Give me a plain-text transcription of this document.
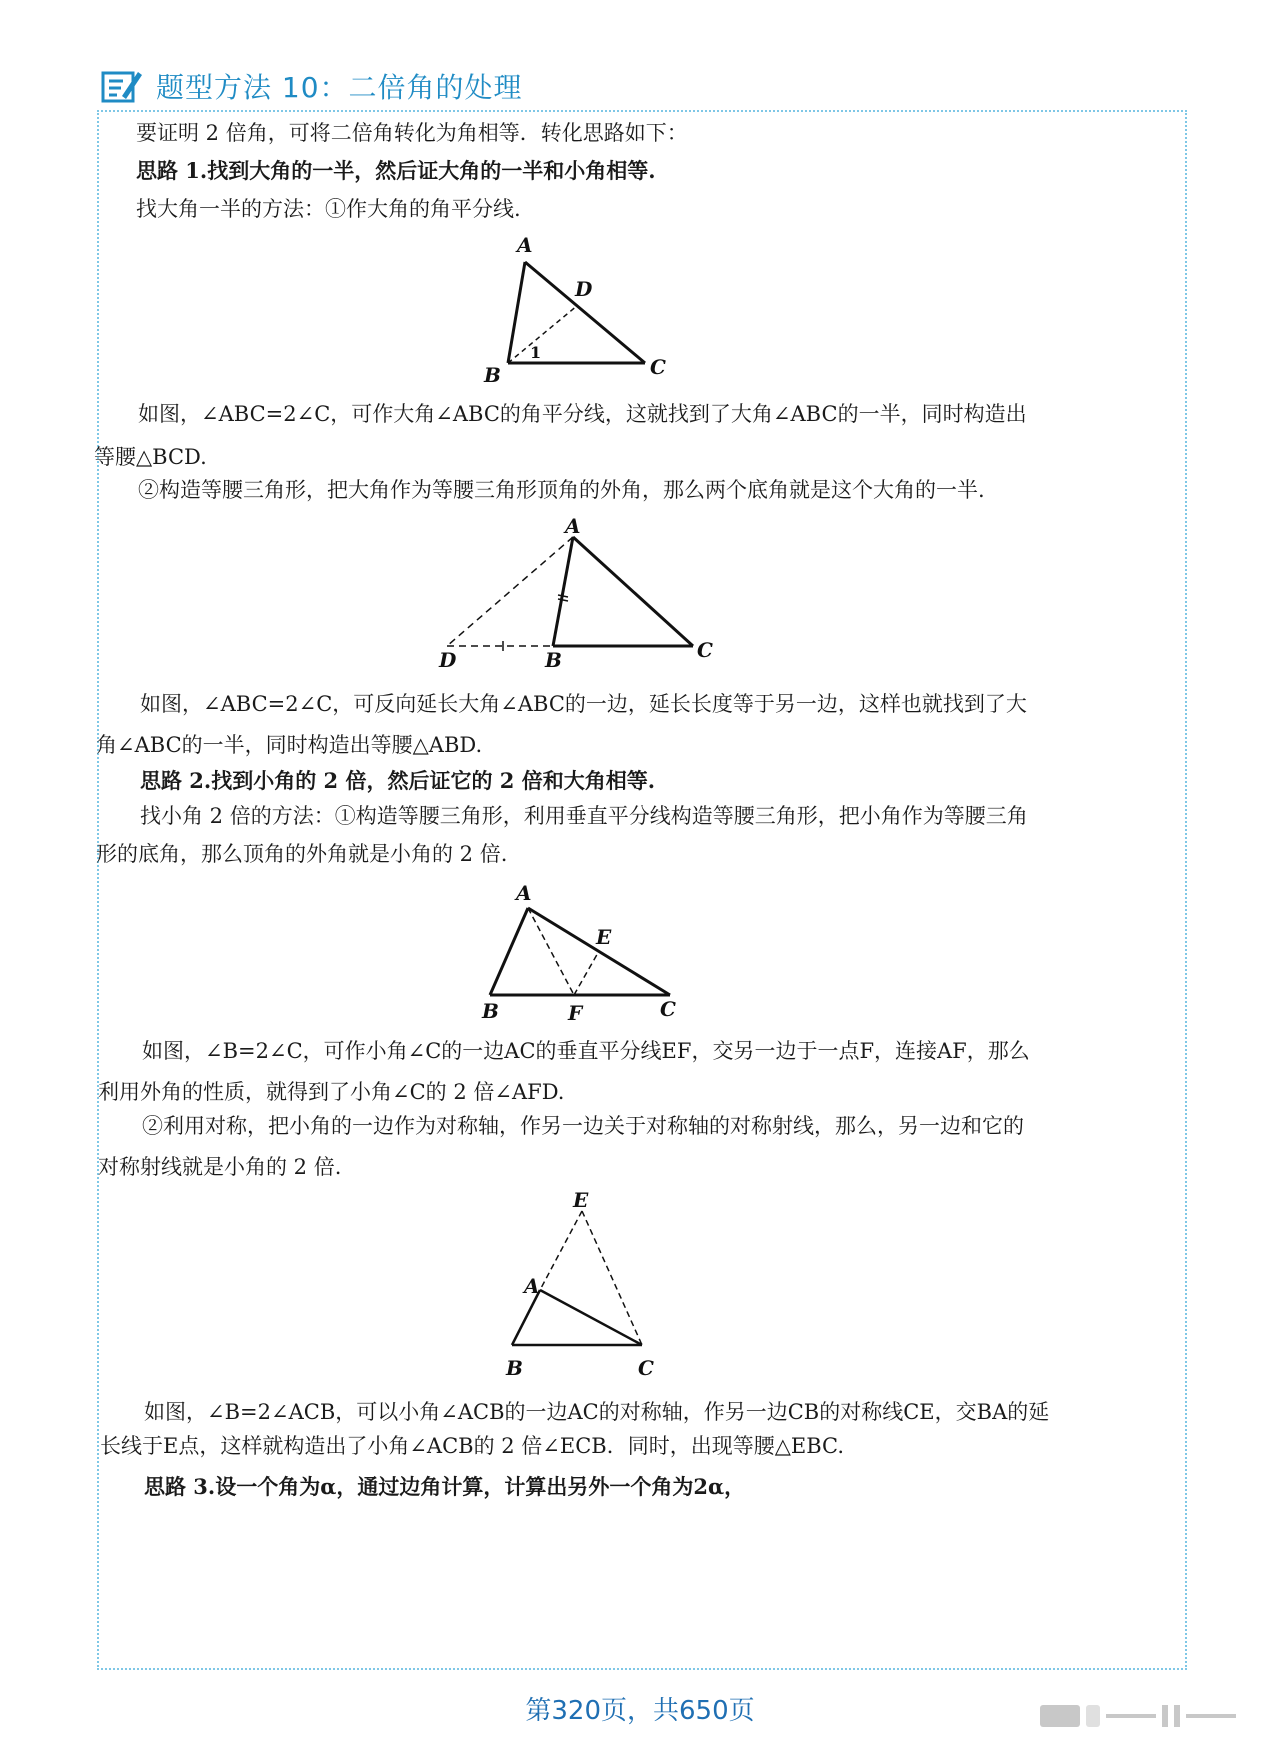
题型方法 10：二倍角的处理
要证明 2 倍角，可将二倍角转化为角相等．转化思路如下：
思路 1.找到大角的一半，然后证大角的一半和小角相等.
找大角一半的方法：①作大角的角平分线.
A
D
B	C
1
如图，∠ABC=2∠C，可作大角∠ABC的角平分线，这就找到了大角∠ABC的一半，同时构造出
等腰△BCD.
②构造等腰三角形，把大角作为等腰三角形顶角的外角，那么两个底角就是这个大角的一半.
A
D	B	C
如图，∠ABC=2∠C，可反向延长大角∠ABC的一边，延长长度等于另一边，这样也就找到了大
角∠ABC的一半，同时构造出等腰△ABD.
思路 2.找到小角的 2 倍，然后证它的 2 倍和大角相等.
找小角 2 倍的方法：①构造等腰三角形，利用垂直平分线构造等腰三角形，把小角作为等腰三角
形的底角，那么顶角的外角就是小角的 2 倍.
A
E
B	F	C
如图，∠B=2∠C，可作小角∠C的一边AC的垂直平分线EF，交另一边于一点F，连接AF，那么
利用外角的性质，就得到了小角∠C的 2 倍∠AFD.
②利用对称，把小角的一边作为对称轴，作另一边关于对称轴的对称射线，那么，另一边和它的
对称射线就是小角的 2 倍.
E
A
B	C
如图，∠B=2∠ACB，可以小角∠ACB的一边AC的对称轴，作另一边CB的对称线CE，交BA的延
长线于E点，这样就构造出了小角∠ACB的 2 倍∠ECB．同时，出现等腰△EBC.
思路 3.设一个角为α，通过边角计算，计算出另外一个角为2α，
第320页，共650页
